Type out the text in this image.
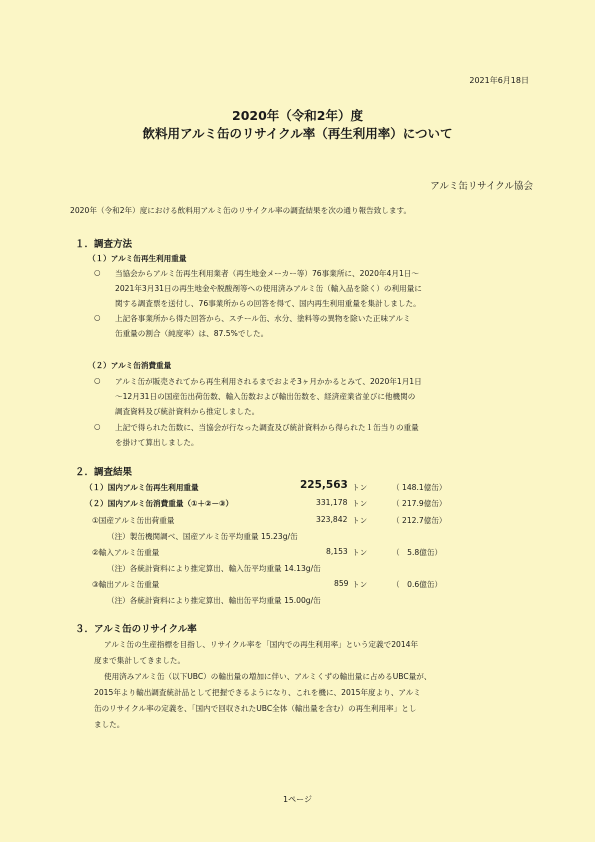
2021年6月18日
2020年（令和2年）度
飲料用アルミ缶のリサイクル率（再生利用率）について
アルミ缶リサイクル協会
2020年（令和2年）度における飲料用アルミ缶のリサイクル率の調査結果を次の通り報告致します。
１．調査方法
（１）アルミ缶再生利用重量
○ 当協会からアルミ缶再生利用業者（再生地金メーカー等）76事業所に、2020年4月1日～
2021年3月31日の再生地金や脱酸剤等への使用済みアルミ缶（輸入品を除く）の利用量に
関する調査票を送付し、76事業所からの回答を得て、国内再生利用重量を集計しました。
○ 上記各事業所から得た回答から、スチール缶、水分、塗料等の異物を除いた正味アルミ
缶重量の割合（純度率）は、87.5%でした。
（２）アルミ缶消費重量
○ アルミ缶が販売されてから再生利用されるまでおよそ3ヶ月かかるとみて、2020年1月1日
～12月31日の国産缶出荷缶数、輸入缶数および輸出缶数を、経済産業省並びに他機関の
調査資料及び統計資料から推定しました。
○ 上記で得られた缶数に、当協会が行なった調査及び統計資料から得られた１缶当りの重量
を掛けて算出しました。
２．調査結果
（１）国内アルミ缶再生利用重量	225,563 トン	（ 148.1億缶）
（２）国内アルミ缶消費重量（①＋②－③）	331,178 トン	（ 217.9億缶）
①国産アルミ缶出荷重量	323,842 トン	（ 212.7億缶）
（注）製缶機関調べ、国産アルミ缶平均重量 15.23g/缶
②輸入アルミ缶重量	8,153 トン	（　5.8億缶）
（注）各統計資料により推定算出、輸入缶平均重量 14.13g/缶
③輸出アルミ缶重量	859 トン	（　0.6億缶）
（注）各統計資料により推定算出、輸出缶平均重量 15.00g/缶
３．アルミ缶のリサイクル率
アルミ缶の生産指標を目指し、リサイクル率を「国内での再生利用率」という定義で2014年
度まで集計してきました。
使用済みアルミ缶（以下UBC）の輸出量の増加に伴い、アルミくずの輸出量に占めるUBC量が、
2015年より輸出調査統計品として把握できるようになり、これを機に、2015年度より、アルミ
缶のリサイクル率の定義を、「国内で回収されたUBC全体（輸出量を含む）の再生利用率」とし
ました。
1ページ
